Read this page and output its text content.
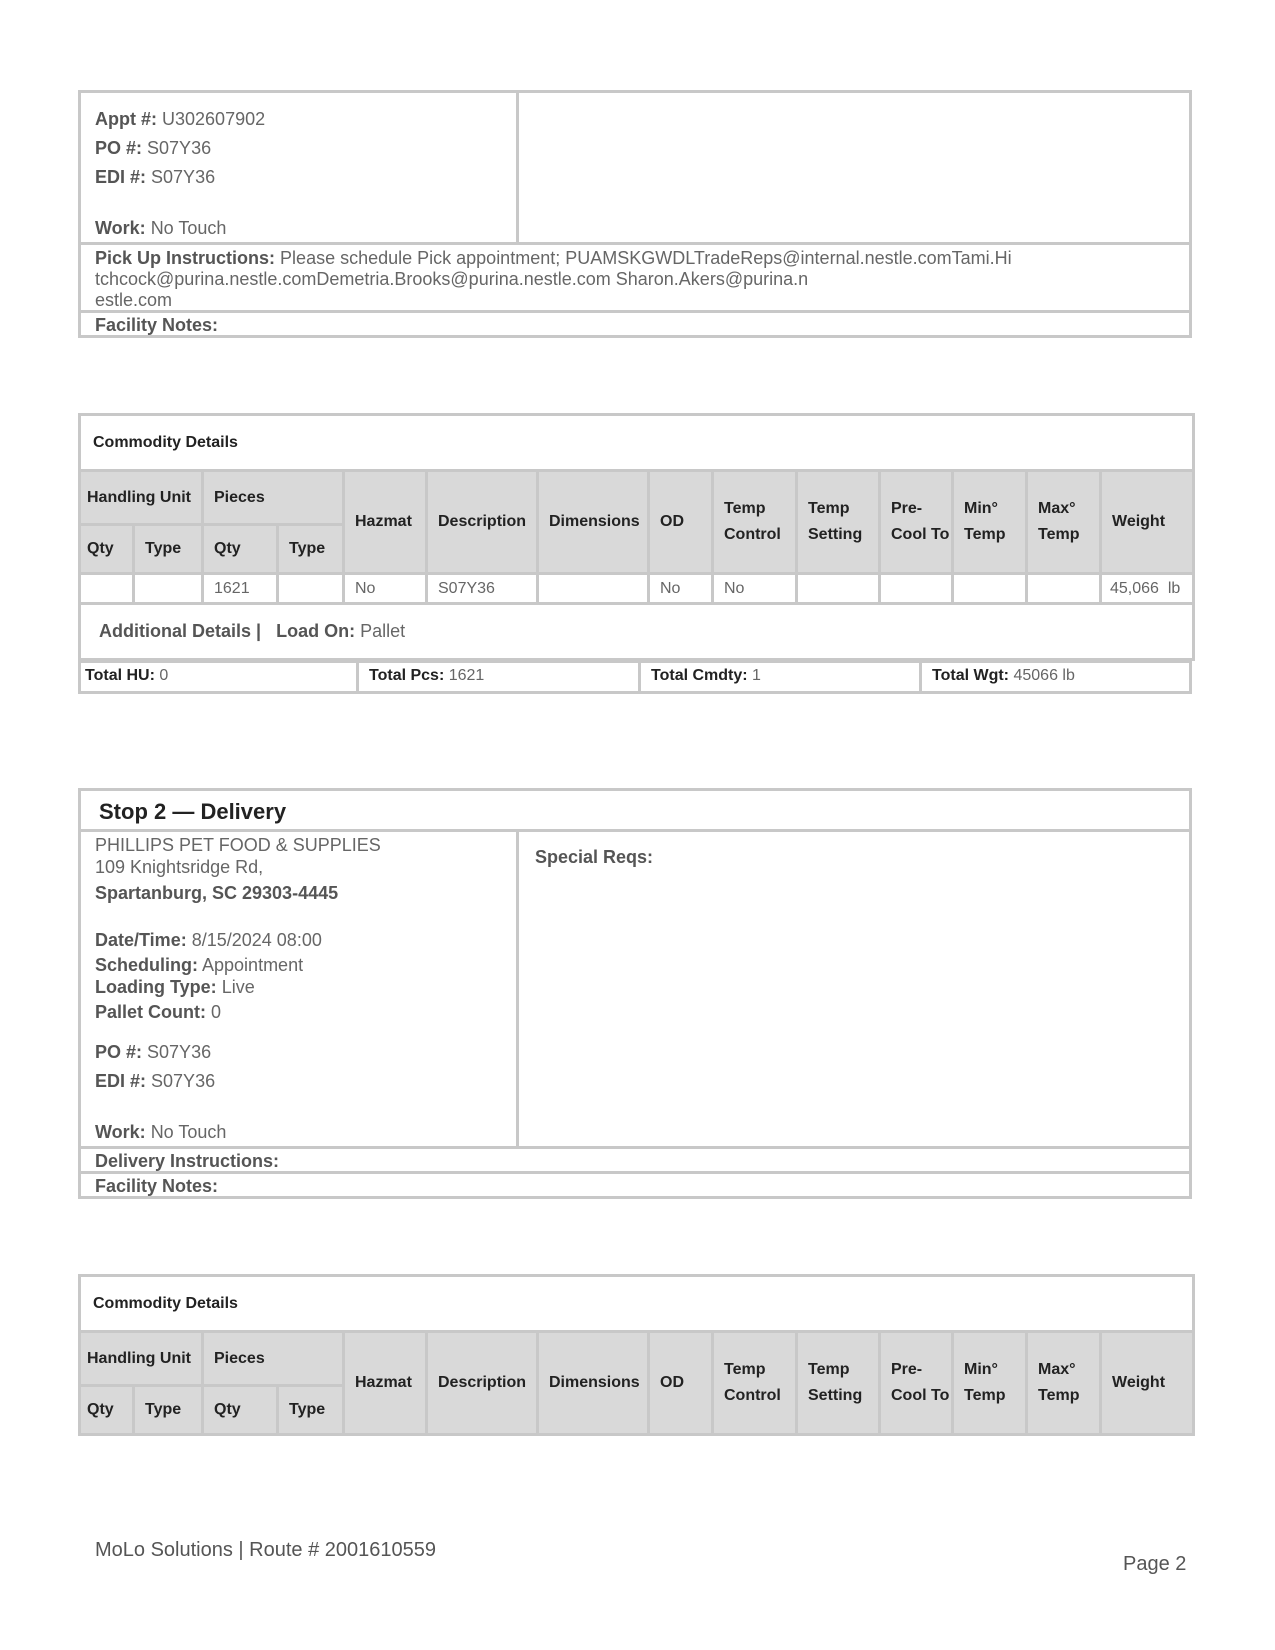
Appt #: U302607902
PO #: S07Y36
EDI #: S07Y36
Work: No Touch
Pick Up Instructions: Please schedule Pick appointment; PUAMSKGWDLTradeReps@internal.nestle.comTami.Hi
tchcock@purina.nestle.comDemetria.Brooks@purina.nestle.com Sharon.Akers@purina.n
estle.com
Facility Notes:
Commodity Details													
Handling Unit		Pieces		Hazmat	Description	Dimensions	OD	Temp Control	Temp Setting	Pre- Cool To	Min° Temp	Max° Temp	Weight
Qty	Type	Qty	Type										
		1621		No	S07Y36		No	No					45,066  lb
Additional Details | Load On: Pallet													
Total HU: 0	Total Pcs: 1621	Total Cmdty: 1	Total Wgt: 45066 lb
Stop 2 — Delivery
PHILLIPS PET FOOD & SUPPLIES
109 Knightsridge Rd,
Spartanburg, SC 29303-4445
Date/Time: 8/15/2024 08:00
Scheduling: Appointment
Loading Type: Live
Pallet Count: 0
PO #: S07Y36
EDI #: S07Y36
Work: No Touch
Special Reqs:
Delivery Instructions:
Facility Notes:
Commodity Details													
Handling Unit		Pieces		Hazmat	Description	Dimensions	OD	Temp Control	Temp Setting	Pre- Cool To	Min° Temp	Max° Temp	Weight
Qty	Type	Qty	Type										
MoLo Solutions | Route # 2001610559
Page 2
